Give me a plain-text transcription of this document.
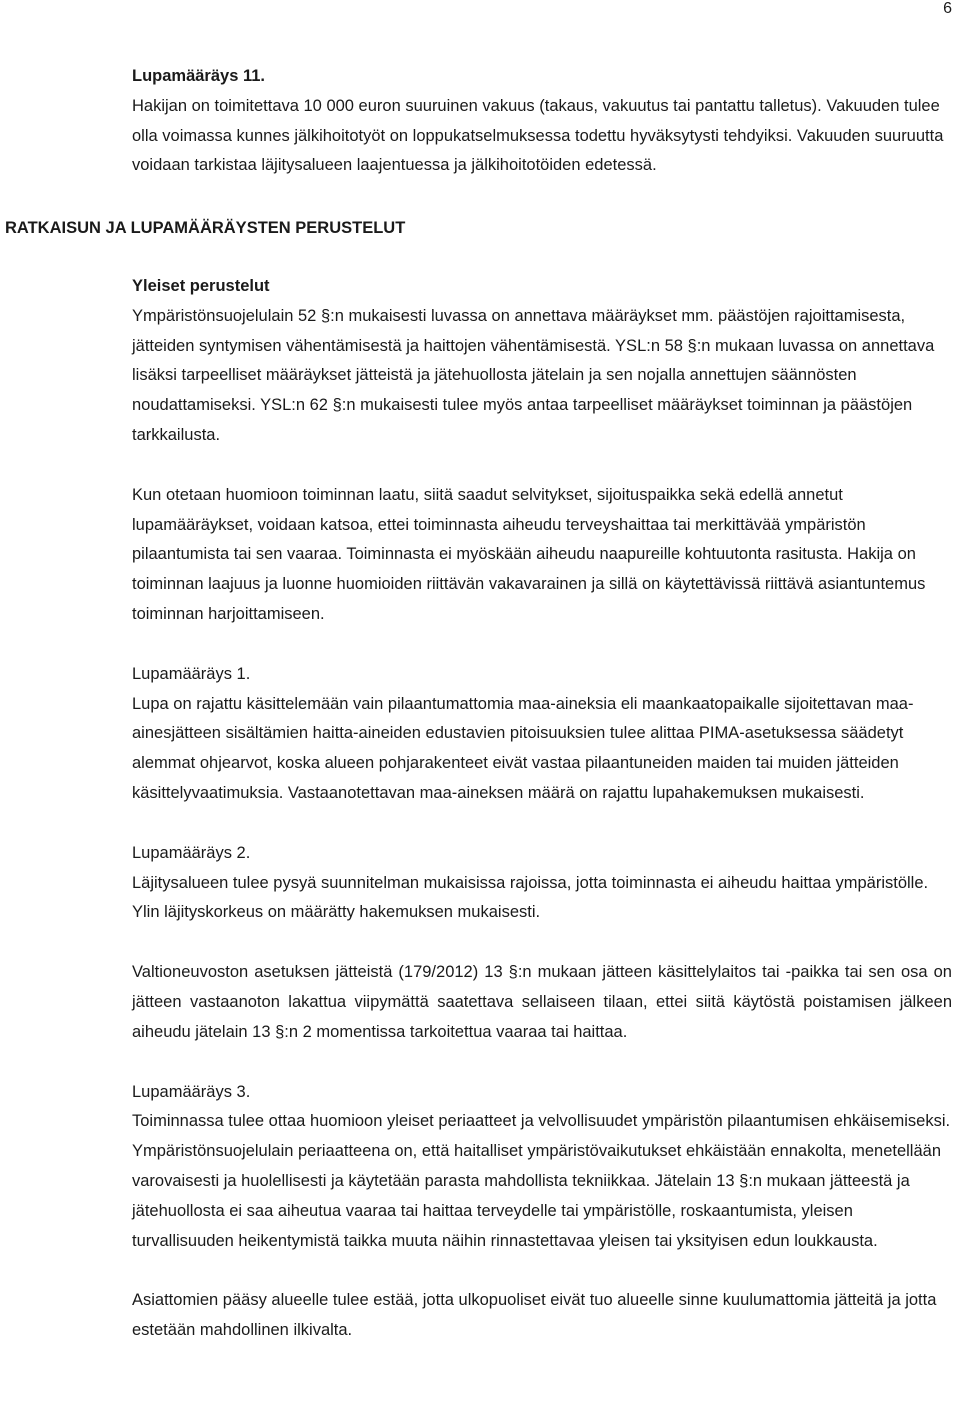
6

Lupamääräys 11.

Hakijan on toimitettava 10 000 euron suuruinen vakuus (takaus, vakuutus tai pantattu talletus). Vakuuden tulee olla voimassa kunnes jälkihoitotyöt on loppukatselmuksessa todettu hyväksytysti tehdyiksi. Vakuuden suuruutta voidaan tarkistaa läjitysalueen laajentuessa ja jälkihoitotöiden edetessä.

RATKAISUN JA LUPAMÄÄRÄYSTEN PERUSTELUT

Yleiset perustelut

Ympäristönsuojelulain 52 §:n mukaisesti luvassa on annettava määräykset mm. päästöjen rajoittamisesta, jätteiden syntymisen vähentämisestä ja haittojen vähentämisestä. YSL:n 58 §:n mukaan luvassa on annettava lisäksi tarpeelliset määräykset jätteistä ja jätehuollosta jätelain ja sen nojalla annettujen säännösten noudattamiseksi. YSL:n 62 §:n mukaisesti tulee myös antaa tarpeelliset määräykset toiminnan ja päästöjen tarkkailusta.

Kun otetaan huomioon toiminnan laatu, siitä saadut selvitykset, sijoituspaikka sekä edellä annetut lupamääräykset, voidaan katsoa, ettei toiminnasta aiheudu terveyshaittaa tai merkittävää ympäristön pilaantumista tai sen vaaraa. Toiminnasta ei myöskään aiheudu naapureille kohtuutonta rasitusta. Hakija on toiminnan laajuus ja luonne huomioiden riittävän vakavarainen ja sillä on käytettävissä riittävä asiantuntemus toiminnan harjoittamiseen.

Lupamääräys 1.

Lupa on rajattu käsittelemään vain pilaantumattomia maa-aineksia eli maankaatopaikalle sijoitettavan maa-ainesjätteen sisältämien haitta-aineiden edustavien pitoisuuksien tulee alittaa PIMA-asetuksessa säädetyt alemmat ohjearvot, koska alueen pohjarakenteet eivät vastaa pilaantuneiden maiden tai muiden jätteiden käsittelyvaatimuksia. Vastaanotettavan maa-aineksen määrä on rajattu lupahakemuksen mukaisesti.

Lupamääräys 2.

Läjitysalueen tulee pysyä suunnitelman mukaisissa rajoissa, jotta toiminnasta ei aiheudu haittaa ympäristölle. Ylin läjityskorkeus on määrätty hakemuksen mukaisesti.

Valtioneuvoston asetuksen jätteistä (179/2012) 13 §:n mukaan jätteen käsittelylaitos tai -paikka tai sen osa on jätteen vastaanoton lakattua viipymättä saatettava sellaiseen tilaan, ettei siitä käytöstä poistamisen jälkeen aiheudu jätelain 13 §:n 2 momentissa tarkoitettua vaaraa tai haittaa.

Lupamääräys 3.

Toiminnassa tulee ottaa huomioon yleiset periaatteet ja velvollisuudet ympäristön pilaantumisen ehkäisemiseksi. Ympäristönsuojelulain periaatteena on, että haitalliset ympäristövaikutukset ehkäistään ennakolta, menetellään varovaisesti ja huolellisesti ja käytetään parasta mahdollista tekniikkaa. Jätelain 13 §:n mukaan jätteestä ja jätehuollosta ei saa aiheutua vaaraa tai haittaa terveydelle tai ympäristölle, roskaantumista, yleisen turvallisuuden heikentymistä taikka muuta näihin rinnastettavaa yleisen tai yksityisen edun loukkausta.

Asiattomien pääsy alueelle tulee estää, jotta ulkopuoliset eivät tuo alueelle sinne kuulumattomia jätteitä ja jotta estetään mahdollinen ilkivalta.
